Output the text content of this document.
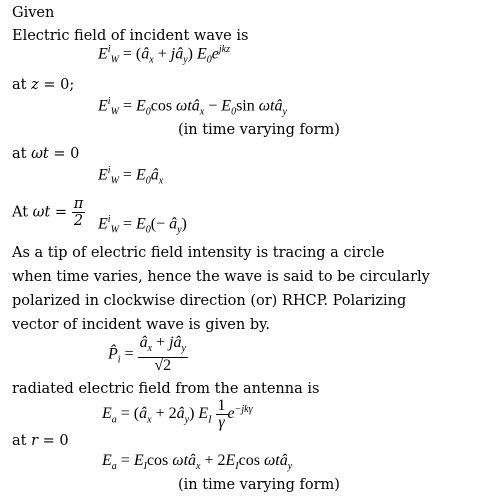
Given
Electric field of incident wave is
$E^i_W$ = ($â_x$ + $jâ_y$) $E_0e^{jkz}$
at z = 0;
$E^i_W = E_0\cos$ ωtâ$_x$ − $E_0\sin$ ωtâ$_y$
(in time varying form)
at ωt = 0
$E^i_W$ = $E_0â_x$
At $\omega t = \frac{\pi}{2} E^i_W = E_0(-$ $â_y$)
As a tip of electric field intensity is tracing a circle
when time varies, hence the wave is said to be circularly
polarized in clockwise direction (or) RHCP. Polarizing
vector of incident wave is given by.
$P̂_i = \frac{â_x + jâ_y}{√2}$
radiated electric field from the antenna is
$E_a$ = ($â_x$ + $2â_y$) $E_I \frac{1}{\gamma} e^{-jk\gamma}$
at r = 0
$E_a = E_I\cos$ ωtâ$_x$ + $2E_I\cos$ ωtâ$_y$
(in time varying form)
